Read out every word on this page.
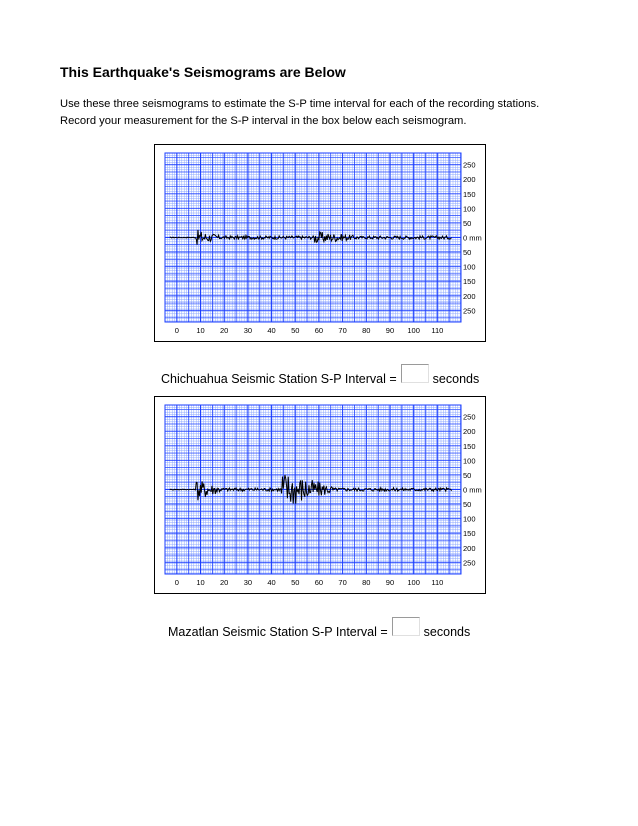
This Earthquake's Seismograms are Below

Use these three seismograms to estimate the S-P time interval for each of the recording stations.

Record your measurement for the S-P interval in the box below each seismogram.

0 10 20 30 40 50 60 70 80 90 100 110
250
200
150
100
50
0 mm
50
100
150
200
250
Chichuahua Seismic Station S-P Interval =	seconds
0 10 20 30 40 50 60 70 80 90 100 110
250
200
150
100
50
0 mm
50
100
150
200
250
Mazatlan Seismic Station S-P Interval =	seconds
